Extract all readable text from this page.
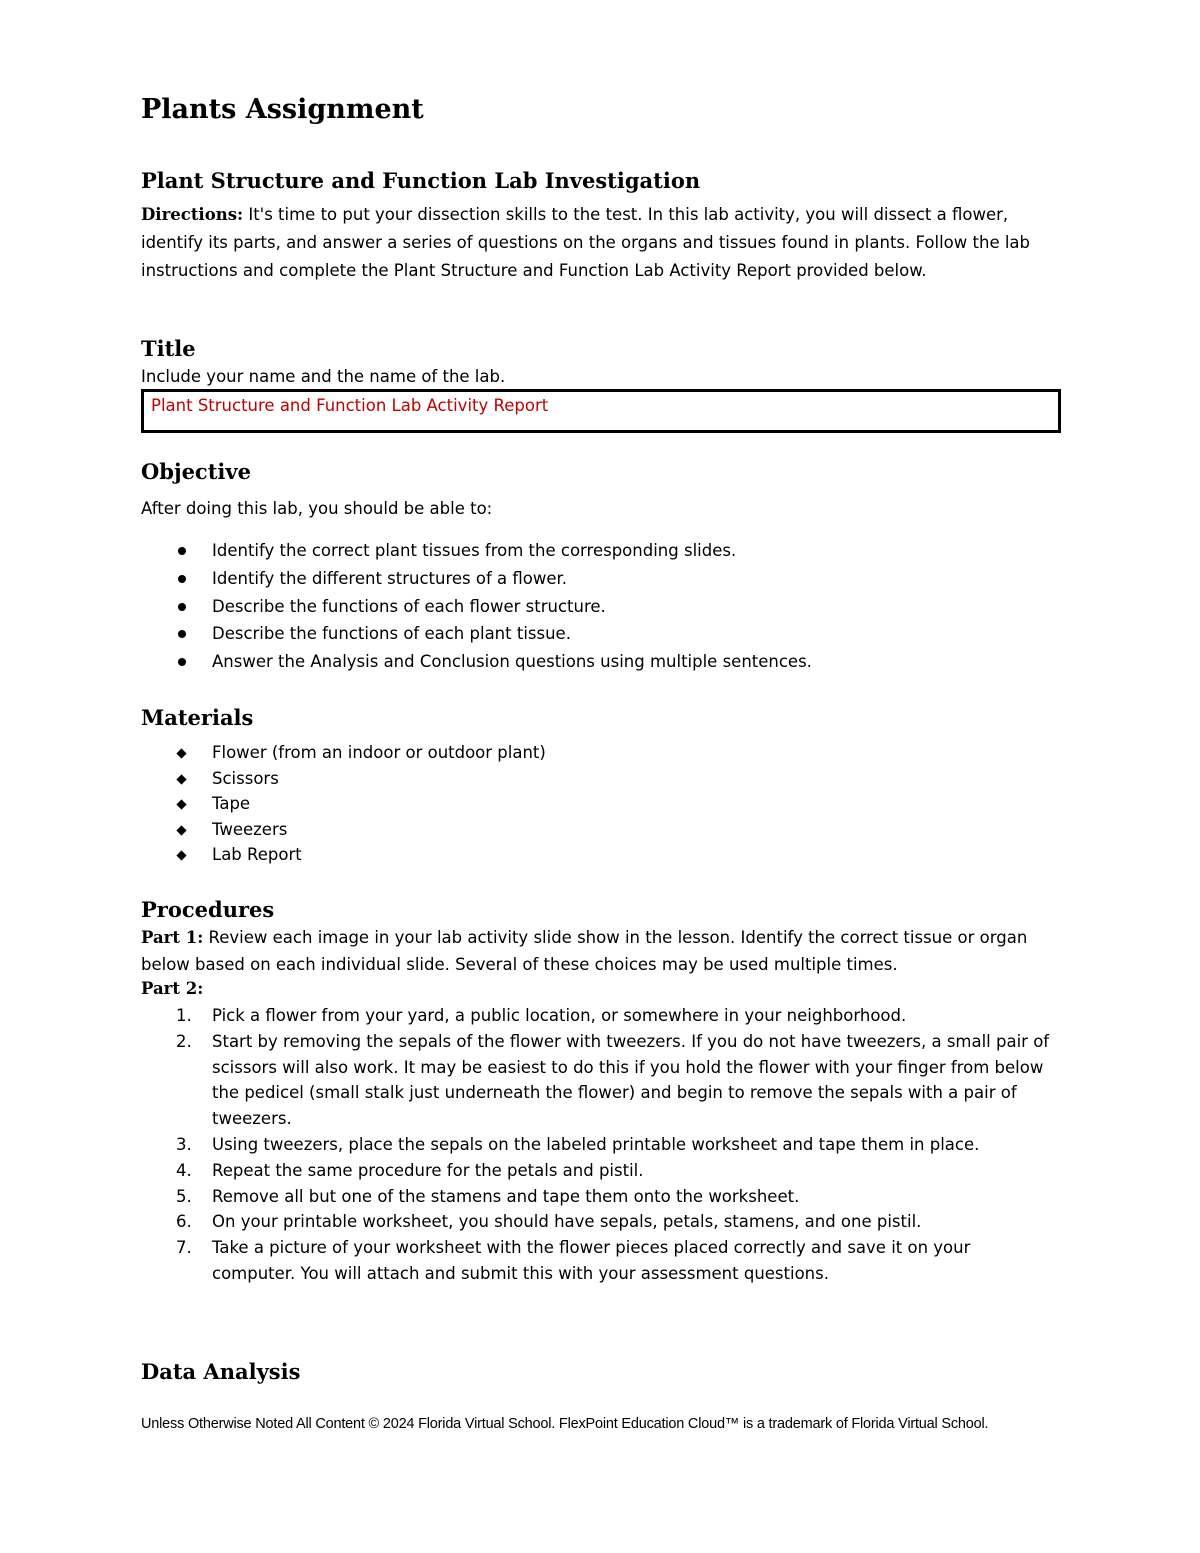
Plants Assignment
Plant Structure and Function Lab Investigation

Directions: It's time to put your dissection skills to the test. In this lab activity, you will dissect a flower, identify its parts, and answer a series of questions on the organs and tissues found in plants. Follow the lab instructions and complete the Plant Structure and Function Lab Activity Report provided below.

Title

Include your name and the name of the lab.

Plant Structure and Function Lab Activity Report
Objective

After doing this lab, you should be able to:

Identify the correct plant tissues from the corresponding slides.
Identify the different structures of a flower.
Describe the functions of each flower structure.
Describe the functions of each plant tissue.
Answer the Analysis and Conclusion questions using multiple sentences.
Materials
Flower (from an indoor or outdoor plant)
Scissors
Tape
Tweezers
Lab Report
Procedures

Part 1: Review each image in your lab activity slide show in the lesson. Identify the correct tissue or organ below based on each individual slide. Several of these choices may be used multiple times.

Part 2:

1. Pick a flower from your yard, a public location, or somewhere in your neighborhood.
2. Start by removing the sepals of the flower with tweezers. If you do not have tweezers, a small pair of scissors will also work. It may be easiest to do this if you hold the flower with your finger from below the pedicel (small stalk just underneath the flower) and begin to remove the sepals with a pair of tweezers.
3. Using tweezers, place the sepals on the labeled printable worksheet and tape them in place.
4. Repeat the same procedure for the petals and pistil.
5. Remove all but one of the stamens and tape them onto the worksheet.
6. On your printable worksheet, you should have sepals, petals, stamens, and one pistil.
7. Take a picture of your worksheet with the flower pieces placed correctly and save it on your computer. You will attach and submit this with your assessment questions.
Data Analysis
Unless Otherwise Noted All Content © 2024 Florida Virtual School. FlexPoint Education Cloud™ is a trademark of Florida Virtual School.
